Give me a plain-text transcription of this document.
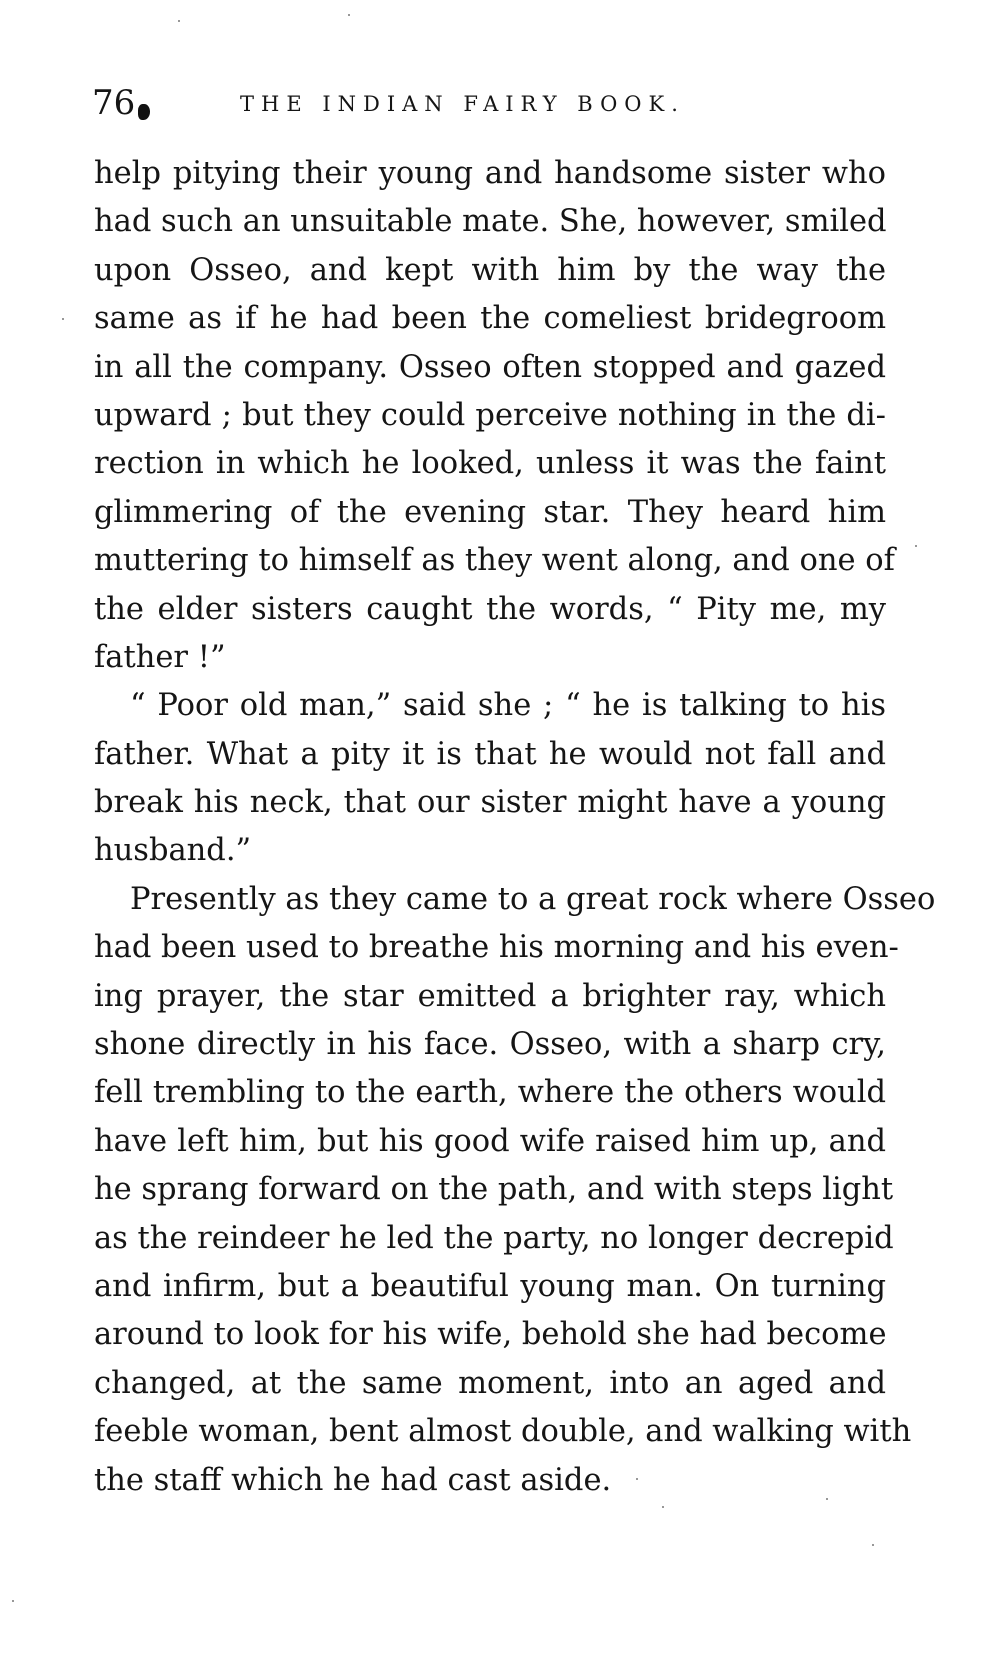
76	THE INDIAN FAIRY BOOK.
help pitying their young and handsome sister who
had such an unsuitable mate. She, however, smiled
upon Osseo, and kept with him by the way the
same as if he had been the comeliest bridegroom
in all the company. Osseo often stopped and gazed
upward ; but they could perceive nothing in the di-
rection in which he looked, unless it was the faint
glimmering of the evening star. They heard him
muttering to himself as they went along, and one of
the elder sisters caught the words, “ Pity me, my
father !”
“ Poor old man,” said she ; “ he is talking to his
father. What a pity it is that he would not fall and
break his neck, that our sister might have a young
husband.”
Presently as they came to a great rock where Osseo
had been used to breathe his morning and his even-
ing prayer, the star emitted a brighter ray, which
shone directly in his face. Osseo, with a sharp cry,
fell trembling to the earth, where the others would
have left him, but his good wife raised him up, and
he sprang forward on the path, and with steps light
as the reindeer he led the party, no longer decrepid
and infirm, but a beautiful young man. On turning
around to look for his wife, behold she had become
changed, at the same moment, into an aged and
feeble woman, bent almost double, and walking with
the staff which he had cast aside.
